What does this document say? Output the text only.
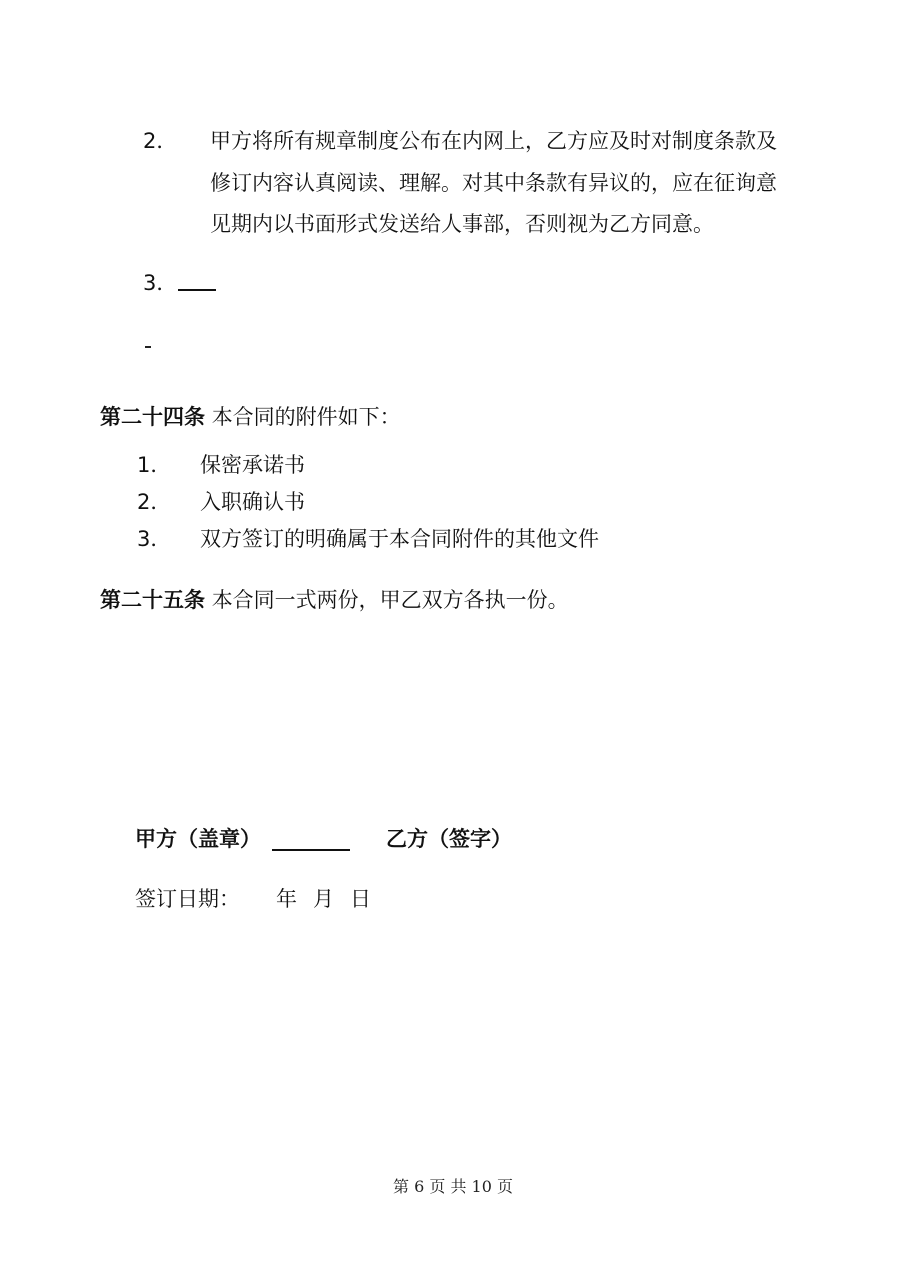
2．	甲方将所有规章制度公布在内网上，乙方应及时对制度条款及
修订内容认真阅读、理解。对其中条款有异议的，应在征询意
见期内以书面形式发送给人事部，否则视为乙方同意。
3．
第二十四条 本合同的附件如下：
1． 保密承诺书
2． 入职确认书
3． 双方签订的明确属于本合同附件的其他文件
第二十五条 本合同一式两份，甲乙双方各执一份。
甲方（盖章）	乙方（签字）
签订日期： 年 月 日
第 6 页 共 10 页
